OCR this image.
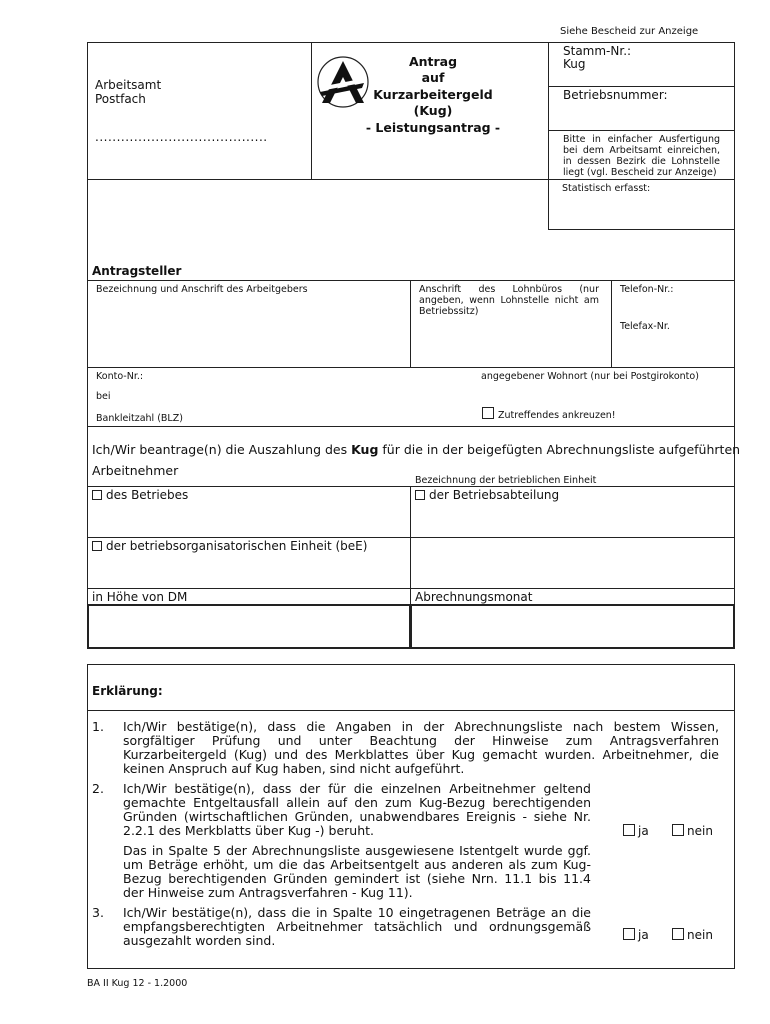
Siehe Bescheid zur Anzeige
Arbeitsamt
Postfach
........................................
Antrag
auf
Kurzarbeitergeld
(Kug)
- Leistungsantrag -
Stamm-Nr.:
Kug
Betriebsnummer:
Bitte in einfacher Ausfertigung bei dem Arbeitsamt einreichen, in dessen Bezirk die Lohnstelle liegt (vgl. Bescheid zur Anzeige)
Statistisch erfasst:
Antragsteller
Bezeichnung und Anschrift des Arbeitgebers	Anschrift des Lohnbüros (nur angeben, wenn Lohnstelle nicht am Betriebssitz)
Telefon-Nr.:
Telefax-Nr.
Konto-Nr.:	angegebener Wohnort (nur bei Postgirokonto)
bei
Bankleitzahl (BLZ)	Zutreffendes ankreuzen!
Ich/Wir beantrage(n) die Auszahlung des Kug für die in der beigefügten Abrechnungsliste aufgeführten
Arbeitnehmer
Bezeichnung der betrieblichen Einheit
des Betriebes	der Betriebsabteilung
der betriebsorganisatorischen Einheit (beE)
in Höhe von DM	Abrechnungsmonat
Erklärung:
1. Ich/Wir bestätige(n), dass die Angaben in der Abrechnungsliste nach bestem Wissen, sorgfältiger Prüfung und unter Beachtung der Hinweise zum Antragsverfahren Kurzarbeitergeld (Kug) und des Merkblattes über Kug gemacht wurden. Arbeitnehmer, die keinen Anspruch auf Kug haben, sind nicht aufgeführt.
2. Ich/Wir bestätige(n), dass der für die einzelnen Arbeitnehmer geltend gemachte Entgeltausfall allein auf den zum Kug-Bezug berechtigenden Gründen (wirtschaftlichen Gründen, unabwendbares Ereignis - siehe Nr. 2.2.1 des Merkblatts über Kug -) beruht.
Das in Spalte 5 der Abrechnungsliste ausgewiesene Istentgelt wurde ggf. um Beträge erhöht, um die das Arbeitsentgelt aus anderen als zum Kug-Bezug berechtigenden Gründen gemindert ist (siehe Nrn. 11.1 bis 11.4 der Hinweise zum Antragsverfahren - Kug 11).
ja	nein
3. Ich/Wir bestätige(n), dass die in Spalte 10 eingetragenen Beträge an die empfangsberechtigten Arbeitnehmer tatsächlich und ordnungsgemäß ausgezahlt worden sind.	ja	nein
BA II Kug 12 - 1.2000
